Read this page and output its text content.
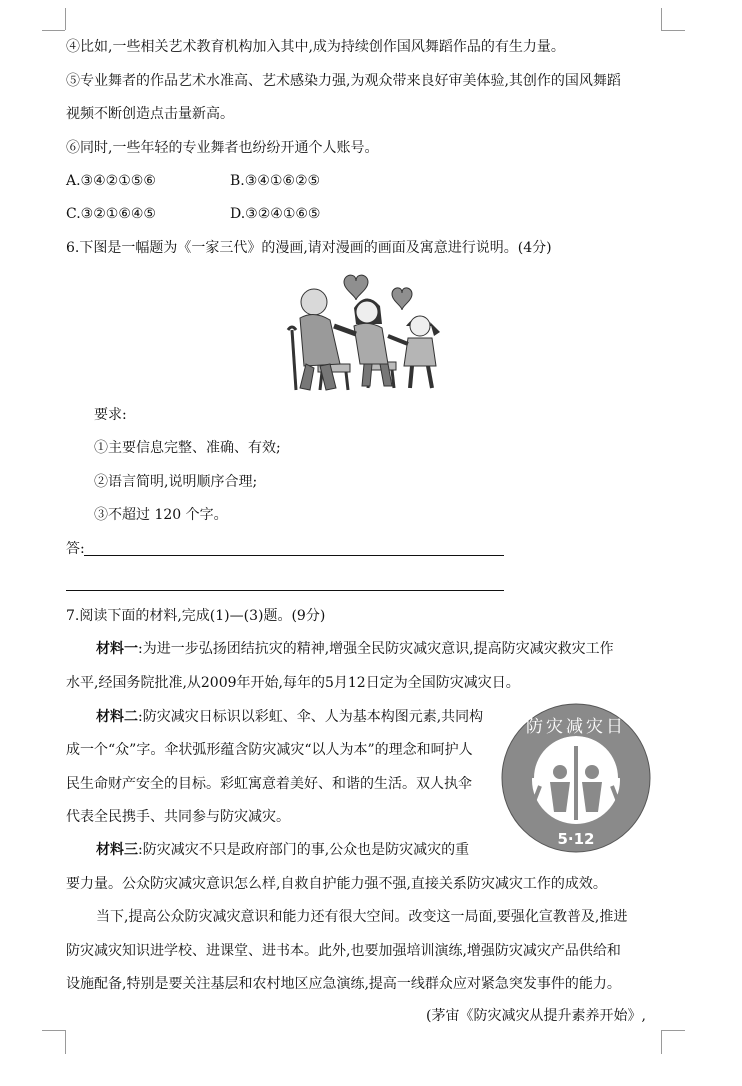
④比如,一些相关艺术教育机构加入其中,成为持续创作国风舞蹈作品的有生力量。
⑤专业舞者的作品艺术水准高、艺术感染力强,为观众带来良好审美体验,其创作的国风舞蹈
视频不断创造点击量新高。
⑥同时,一些年轻的专业舞者也纷纷开通个人账号。
A.③④②①⑤⑥	B.③④①⑥②⑤
C.③②①⑥④⑤	D.③②④①⑥⑤
6.下图是一幅题为《一家三代》的漫画,请对漫画的画面及寓意进行说明。(4分)
要求:
①主要信息完整、准确、有效;
②语言简明,说明顺序合理;
③不超过 120 个字。
答:
7.阅读下面的材料,完成(1)—(3)题。(9分)
材料一:为进一步弘扬团结抗灾的精神,增强全民防灾减灾意识,提高防灾减灾救灾工作
水平,经国务院批准,从2009年开始,每年的5月12日定为全国防灾减灾日。
材料二:防灾减灾日标识以彩虹、伞、人为基本构图元素,共同构
成一个“众”字。伞状弧形蕴含防灾减灾“以人为本”的理念和呵护人
民生命财产安全的目标。彩虹寓意着美好、和谐的生活。双人执伞
代表全民携手、共同参与防灾减灾。
防灾减灾日
5·12
材料三:防灾减灾不只是政府部门的事,公众也是防灾减灾的重
要力量。公众防灾减灾意识怎么样,自救自护能力强不强,直接关系防灾减灾工作的成效。
当下,提高公众防灾减灾意识和能力还有很大空间。改变这一局面,要强化宣教普及,推进
防灾减灾知识进学校、进课堂、进书本。此外,也要加强培训演练,增强防灾减灾产品供给和
设施配备,特别是要关注基层和农村地区应急演练,提高一线群众应对紧急突发事件的能力。
(茅宙《防灾减灾从提升素养开始》,
